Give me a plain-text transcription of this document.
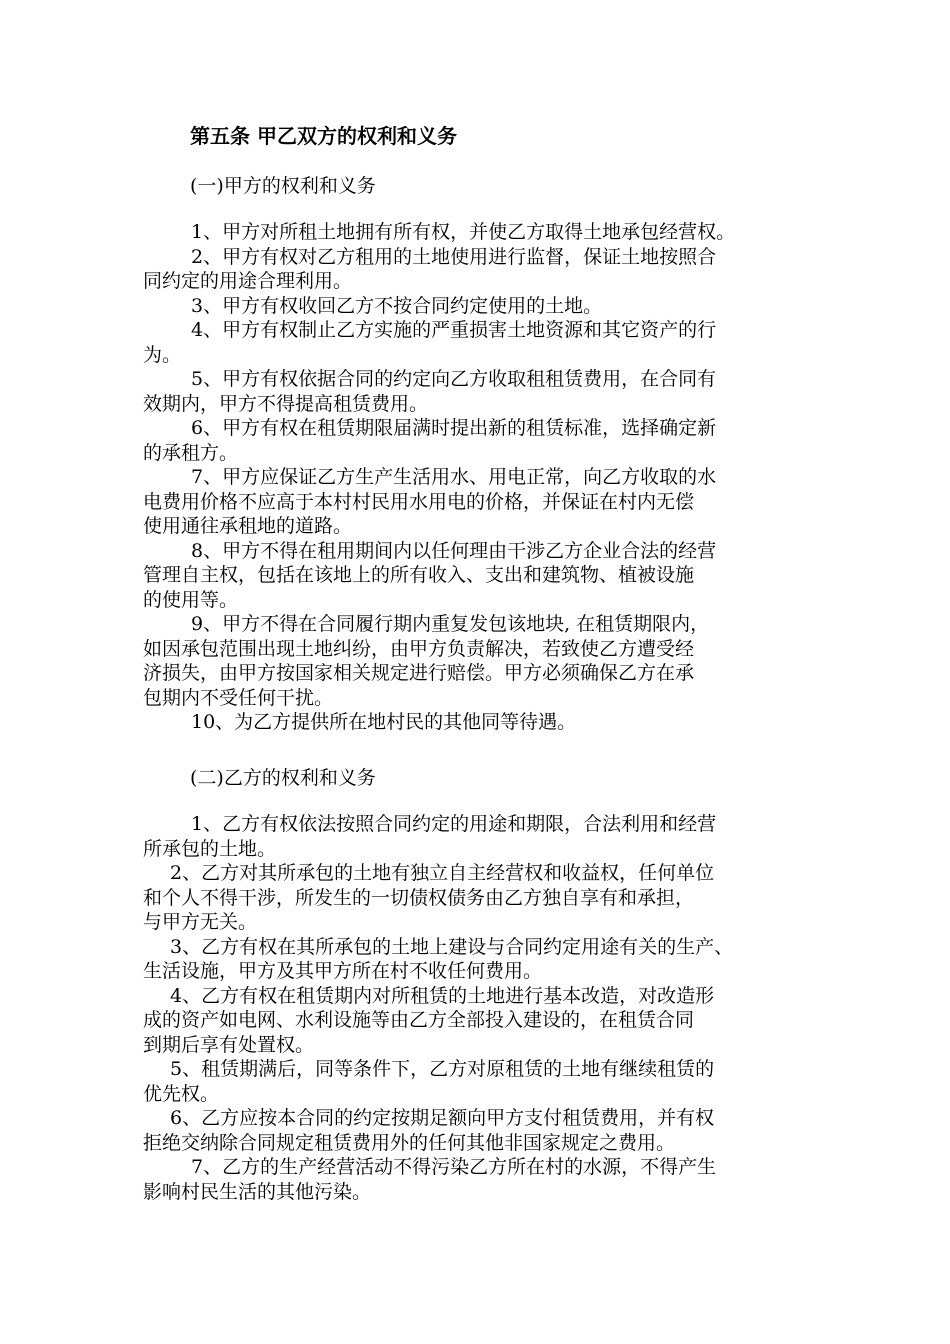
第五条 甲乙双方的权利和义务
(一)甲方的权利和义务
1、甲方对所租土地拥有所有权，并使乙方取得土地承包经营权。
2、甲方有权对乙方租用的土地使用进行监督，保证土地按照合
同约定的用途合理利用。
3、甲方有权收回乙方不按合同约定使用的土地。
4、甲方有权制止乙方实施的严重损害土地资源和其它资产的行
为。
5、甲方有权依据合同的约定向乙方收取租租赁费用，在合同有
效期内，甲方不得提高租赁费用。
6、甲方有权在租赁期限届满时提出新的租赁标准，选择确定新
的承租方。
7、甲方应保证乙方生产生活用水、用电正常，向乙方收取的水
电费用价格不应高于本村村民用水用电的价格，并保证在村内无偿
使用通往承租地的道路。
8、甲方不得在租用期间内以任何理由干涉乙方企业合法的经营
管理自主权，包括在该地上的所有收入、支出和建筑物、植被设施
的使用等。
9、甲方不得在合同履行期内重复发包该地块, 在租赁期限内，
如因承包范围出现土地纠纷，由甲方负责解决，若致使乙方遭受经
济损失，由甲方按国家相关规定进行赔偿。甲方必须确保乙方在承
包期内不受任何干扰。
10、为乙方提供所在地村民的其他同等待遇。
(二)乙方的权利和义务
1、乙方有权依法按照合同约定的用途和期限，合法利用和经营
所承包的土地。
2、乙方对其所承包的土地有独立自主经营权和收益权，任何单位
和个人不得干涉，所发生的一切债权债务由乙方独自享有和承担，
与甲方无关。
3、乙方有权在其所承包的土地上建设与合同约定用途有关的生产、
生活设施，甲方及其甲方所在村不收任何费用。
4、乙方有权在租赁期内对所租赁的土地进行基本改造，对改造形
成的资产如电网、水利设施等由乙方全部投入建设的，在租赁合同
到期后享有处置权。
5、租赁期满后，同等条件下，乙方对原租赁的土地有继续租赁的
优先权。
6、乙方应按本合同的约定按期足额向甲方支付租赁费用，并有权
拒绝交纳除合同规定租赁费用外的任何其他非国家规定之费用。
7、乙方的生产经营活动不得污染乙方所在村的水源，不得产生
影响村民生活的其他污染。
